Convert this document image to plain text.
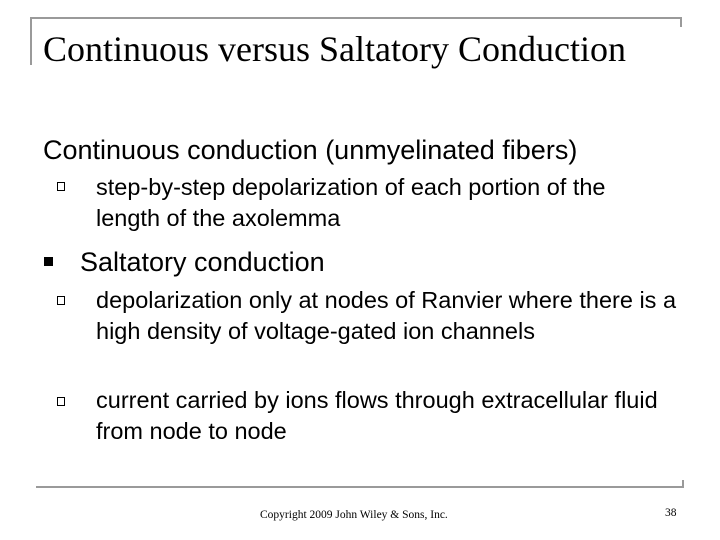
Continuous versus Saltatory Conduction
Continuous conduction (unmyelinated fibers)
step-by-step depolarization of each portion of the length of the axolemma
Saltatory conduction
depolarization only at nodes of Ranvier where there is a high density of voltage-gated ion channels
current carried by ions flows through extracellular fluid from node to node
Copyright 2009 John Wiley & Sons, Inc.	38
